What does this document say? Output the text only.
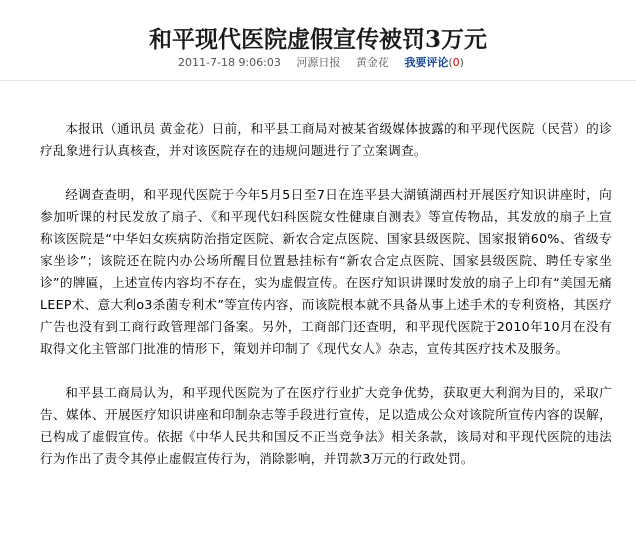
和平现代医院虚假宣传被罚3万元
2011-7-18 9:06:03 河源日报 黄金花 我要评论(0)

本报讯（通讯员 黄金花）日前，和平县工商局对被某省级媒体披露的和平现代医院（民营）的诊疗乱象进行认真核查，并对该医院存在的违规问题进行了立案调查。

经调查查明，和平现代医院于今年5月5日至7日在连平县大湖镇湖西村开展医疗知识讲座时，向参加听课的村民发放了扇子、《和平现代妇科医院女性健康自测表》等宣传物品，其发放的扇子上宣称该医院是“中华妇女疾病防治指定医院、新农合定点医院、国家县级医院、国家报销60%、省级专家坐诊”；该院还在院内办公场所醒目位置悬挂标有“新农合定点医院、国家县级医院、聘任专家坐诊”的牌匾，上述宣传内容均不存在，实为虚假宣传。在医疗知识讲课时发放的扇子上印有“美国无痛LEEP术、意大利o3杀菌专利术”等宣传内容，而该院根本就不具备从事上述手术的专利资格，其医疗广告也没有到工商行政管理部门备案。另外，工商部门还查明，和平现代医院于2010年10月在没有取得文化主管部门批准的情形下，策划并印制了《现代女人》杂志，宣传其医疗技术及服务。

和平县工商局认为，和平现代医院为了在医疗行业扩大竞争优势，获取更大利润为目的，采取广告、媒体、开展医疗知识讲座和印制杂志等手段进行宣传，足以造成公众对该院所宣传内容的误解，已构成了虚假宣传。依据《中华人民共和国反不正当竞争法》相关条款，该局对和平现代医院的违法行为作出了责令其停止虚假宣传行为，消除影响，并罚款3万元的行政处罚。
